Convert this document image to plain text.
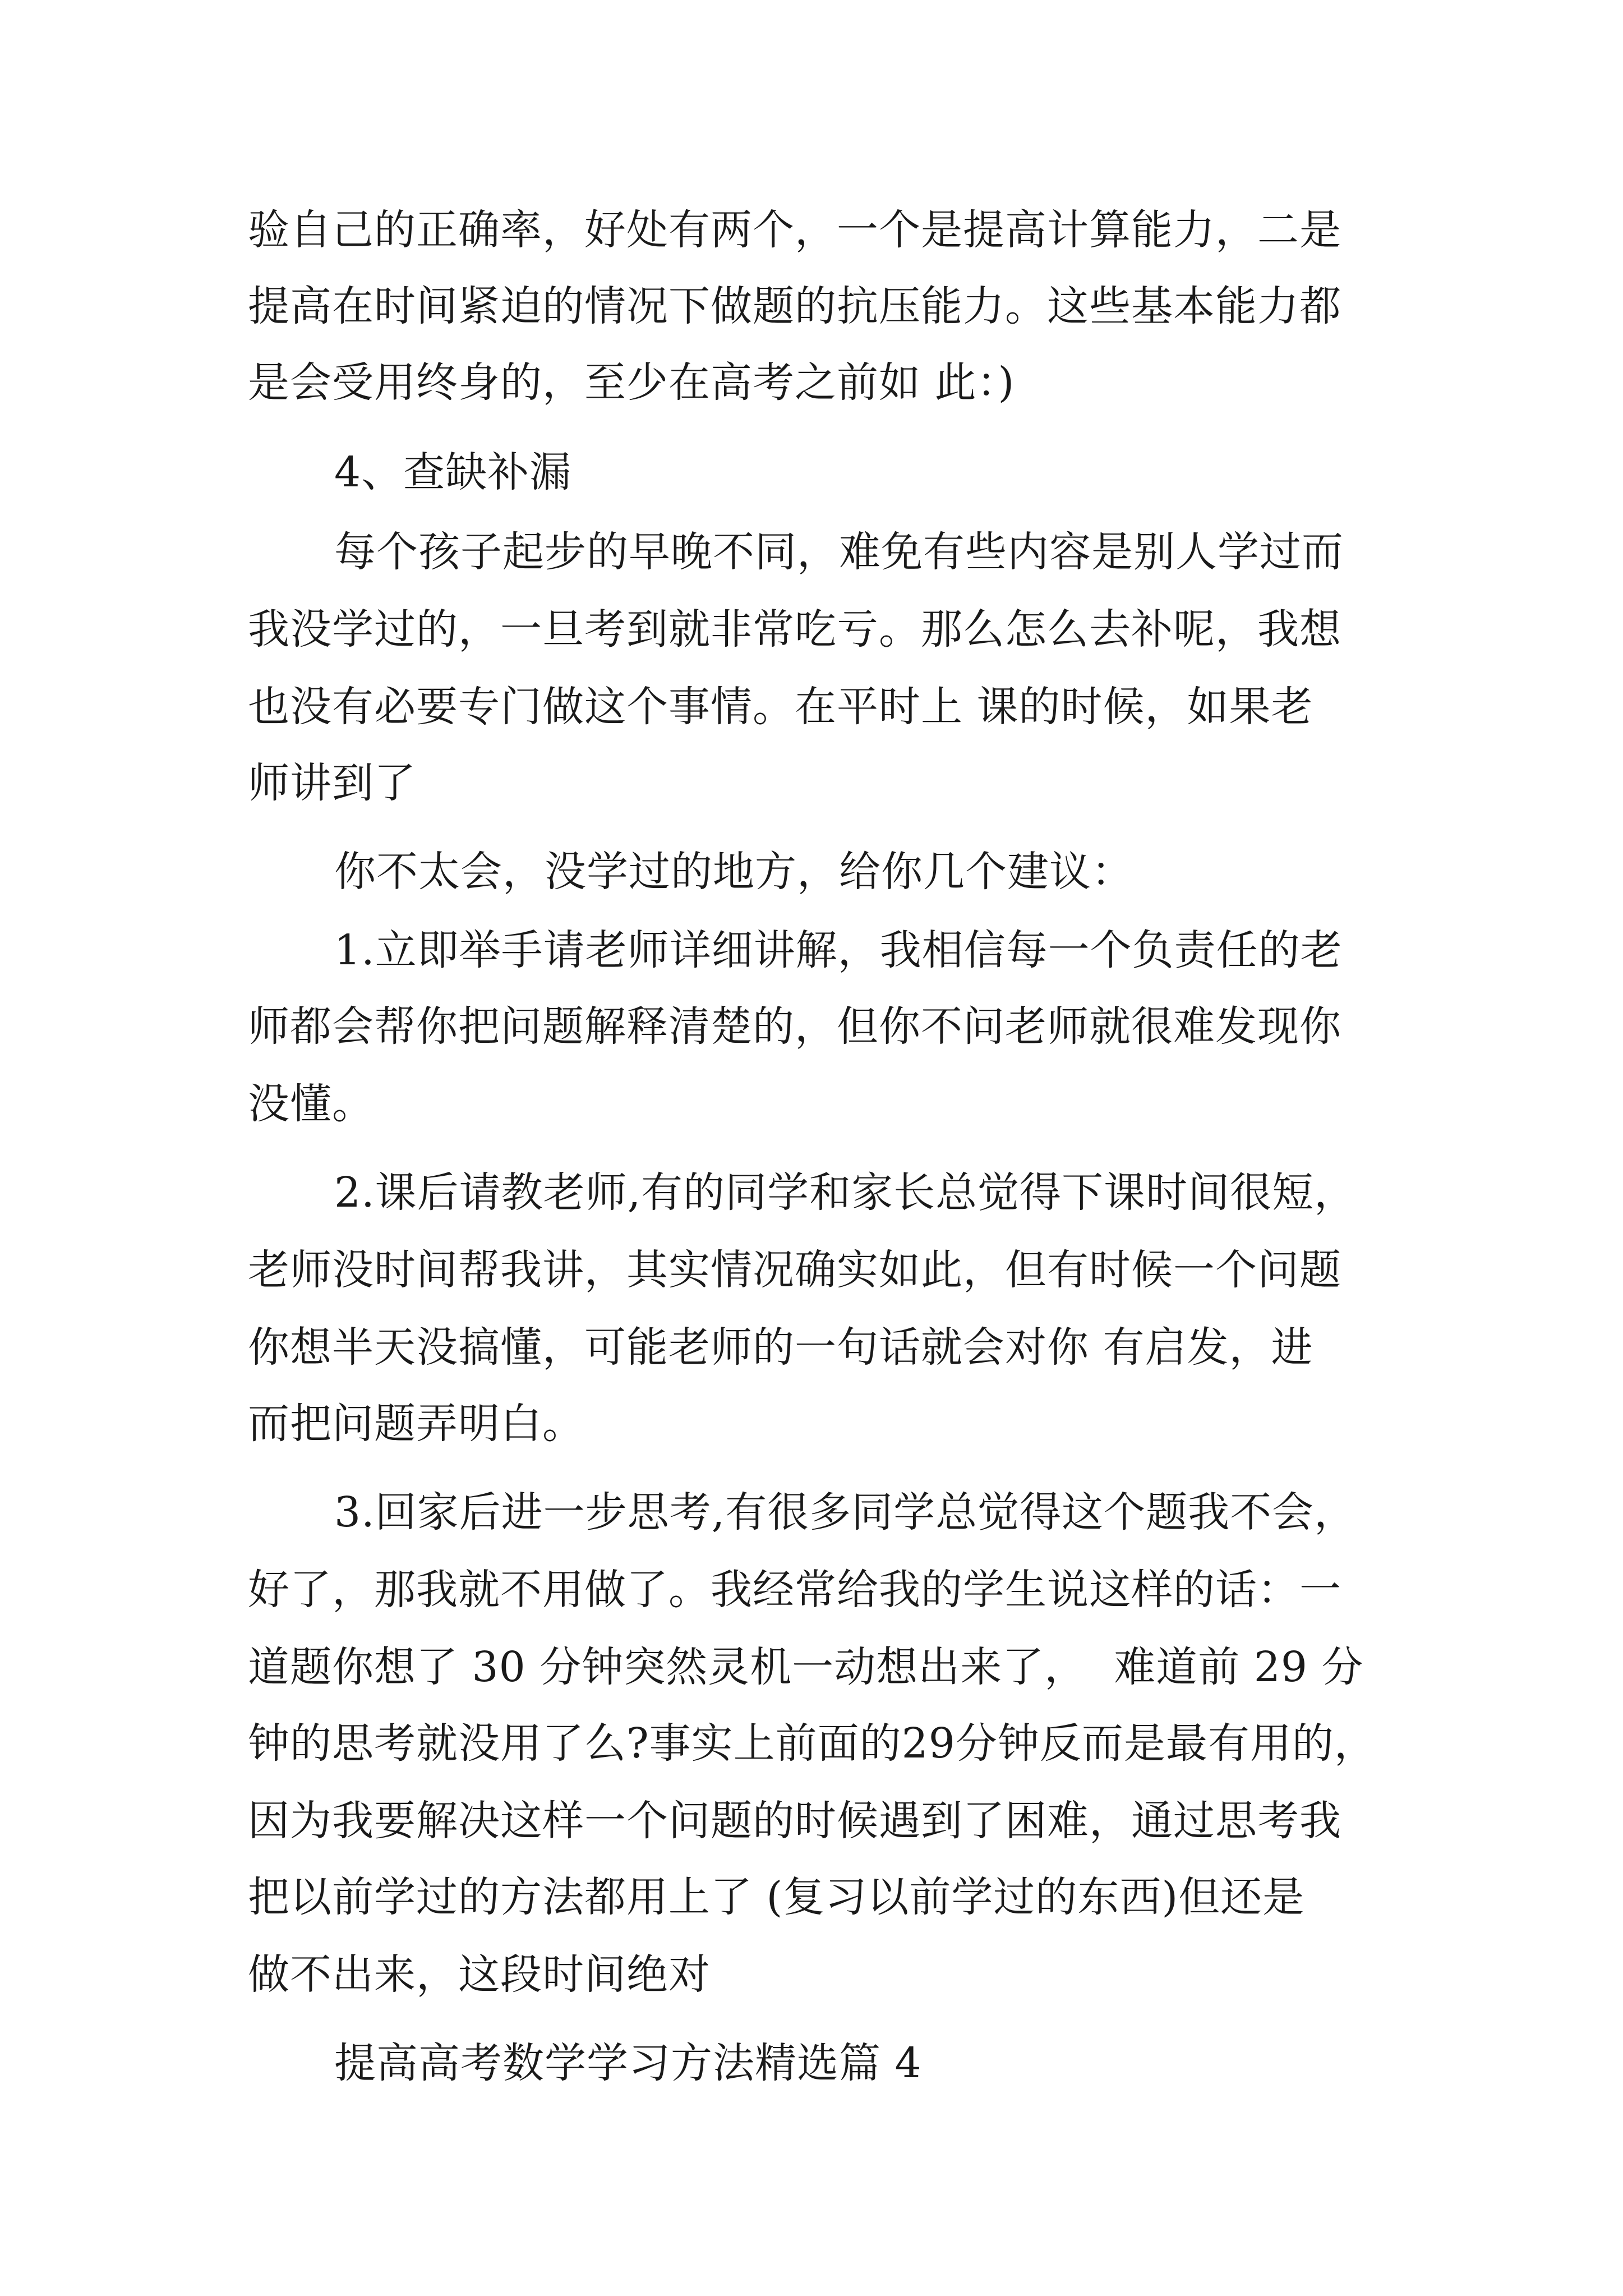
验自己的正确率，好处有两个，一个是提高计算能力，二是
提高在时间紧迫的情况下做题的抗压能力。这些基本能力都
是会受用终身的，至少在高考之前如 此：)
4、查缺补漏
每个孩子起步的早晚不同，难免有些内容是别人学过而
我没学过的，一旦考到就非常吃亏。那么怎么去补呢，我想
也没有必要专门做这个事情。在平时上 课的时候，如果老
师讲到了
你不太会，没学过的地方，给你几个建议：
1.立即举手请老师详细讲解，我相信每一个负责任的老
师都会帮你把问题解释清楚的，但你不问老师就很难发现你
没懂。
2.课后请教老师,有的同学和家长总觉得下课时间很短，
老师没时间帮我讲，其实情况确实如此，但有时候一个问题
你想半天没搞懂，可能老师的一句话就会对你 有启发，进
而把问题弄明白。
3.回家后进一步思考,有很多同学总觉得这个题我不会，
好了，那我就不用做了。我经常给我的学生说这样的话：一
道题你想了 30 分钟突然灵机一动想出来了，  难道前 29 分
钟的思考就没用了么?事实上前面的29分钟反而是最有用的，
因为我要解决这样一个问题的时候遇到了困难，通过思考我
把以前学过的方法都用上了 (复习以前学过的东西)但还是
做不出来，这段时间绝对
提高高考数学学习方法精选篇 4
